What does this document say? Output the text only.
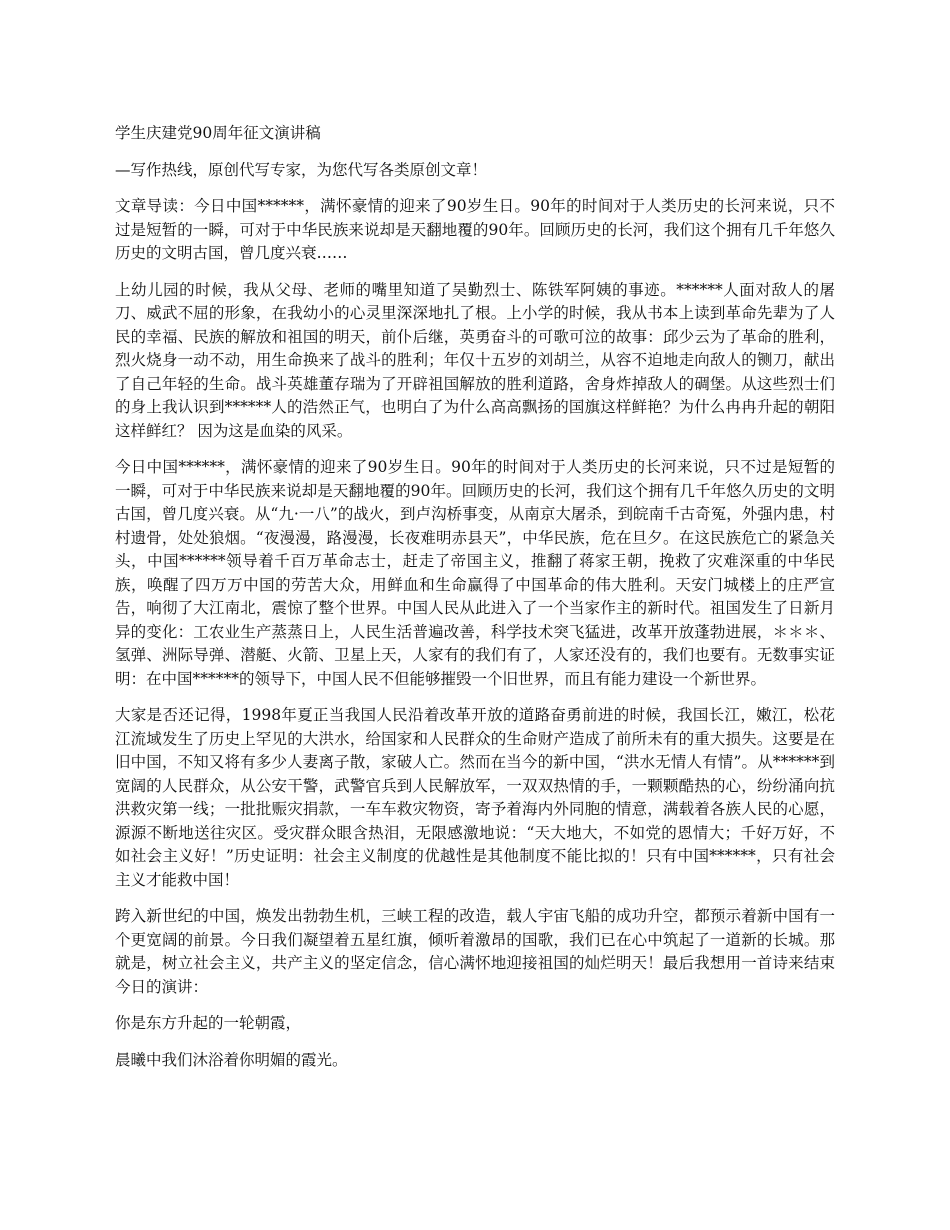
学生庆建党90周年征文演讲稿

—写作热线，原创代写专家，为您代写各类原创文章！

文章导读：今日中国******，满怀豪情的迎来了90岁生日。90年的时间对于人类历史的长河来说，只不过是短暂的一瞬，可对于中华民族来说却是天翻地覆的90年。回顾历史的长河，我们这个拥有几千年悠久历史的文明古国，曾几度兴衰……

上幼儿园的时候，我从父母、老师的嘴里知道了吴勤烈士、陈铁军阿姨的事迹。******人面对敌人的屠刀、威武不屈的形象，在我幼小的心灵里深深地扎了根。上小学的时候，我从书本上读到革命先辈为了人民的幸福、民族的解放和祖国的明天，前仆后继，英勇奋斗的可歌可泣的故事：邱少云为了革命的胜利，烈火烧身一动不动，用生命换来了战斗的胜利；年仅十五岁的刘胡兰，从容不迫地走向敌人的铡刀，献出了自己年轻的生命。战斗英雄董存瑞为了开辟祖国解放的胜利道路，舍身炸掉敌人的碉堡。从这些烈士们的身上我认识到******人的浩然正气，也明白了为什么高高飘扬的国旗这样鲜艳？为什么冉冉升起的朝阳这样鲜红？ 因为这是血染的风采。

今日中国******，满怀豪情的迎来了90岁生日。90年的时间对于人类历史的长河来说，只不过是短暂的一瞬，可对于中华民族来说却是天翻地覆的90年。回顾历史的长河，我们这个拥有几千年悠久历史的文明古国，曾几度兴衰。从“九·一八”的战火，到卢沟桥事变，从南京大屠杀，到皖南千古奇冤，外强内患，村村遗骨，处处狼烟。“夜漫漫，路漫漫，长夜难明赤县天”，中华民族，危在旦夕。在这民族危亡的紧急关头，中国******领导着千百万革命志士，赶走了帝国主义，推翻了蒋家王朝，挽救了灾难深重的中华民族，唤醒了四万万中国的劳苦大众，用鲜血和生命赢得了中国革命的伟大胜利。天安门城楼上的庄严宣告，响彻了大江南北，震惊了整个世界。中国人民从此进入了一个当家作主的新时代。祖国发生了日新月异的变化：工农业生产蒸蒸日上，人民生活普遍改善，科学技术突飞猛进，改革开放蓬勃进展，＊＊＊、氢弹、洲际导弹、潜艇、火箭、卫星上天，人家有的我们有了，人家还没有的，我们也要有。无数事实证明：在中国******的领导下，中国人民不但能够摧毁一个旧世界，而且有能力建设一个新世界。

大家是否还记得，1998年夏正当我国人民沿着改革开放的道路奋勇前进的时候，我国长江，嫩江，松花江流域发生了历史上罕见的大洪水，给国家和人民群众的生命财产造成了前所未有的重大损失。这要是在旧中国，不知又将有多少人妻离子散，家破人亡。然而在当今的新中国，“洪水无情人有情”。从******到宽阔的人民群众，从公安干警，武警官兵到人民解放军，一双双热情的手，一颗颗酷热的心，纷纷涌向抗洪救灾第一线；一批批赈灾捐款，一车车救灾物资，寄予着海内外同胞的情意，满载着各族人民的心愿，源源不断地送往灾区。受灾群众眼含热泪，无限感激地说：“天大地大，不如党的恩情大；千好万好，不如社会主义好！”历史证明：社会主义制度的优越性是其他制度不能比拟的！只有中国******，只有社会主义才能救中国！

跨入新世纪的中国，焕发出勃勃生机，三峡工程的改造，载人宇宙飞船的成功升空，都预示着新中国有一个更宽阔的前景。今日我们凝望着五星红旗，倾听着激昂的国歌，我们已在心中筑起了一道新的长城。那就是，树立社会主义，共产主义的坚定信念，信心满怀地迎接祖国的灿烂明天！最后我想用一首诗来结束今日的演讲：

你是东方升起的一轮朝霞，

晨曦中我们沐浴着你明媚的霞光。
